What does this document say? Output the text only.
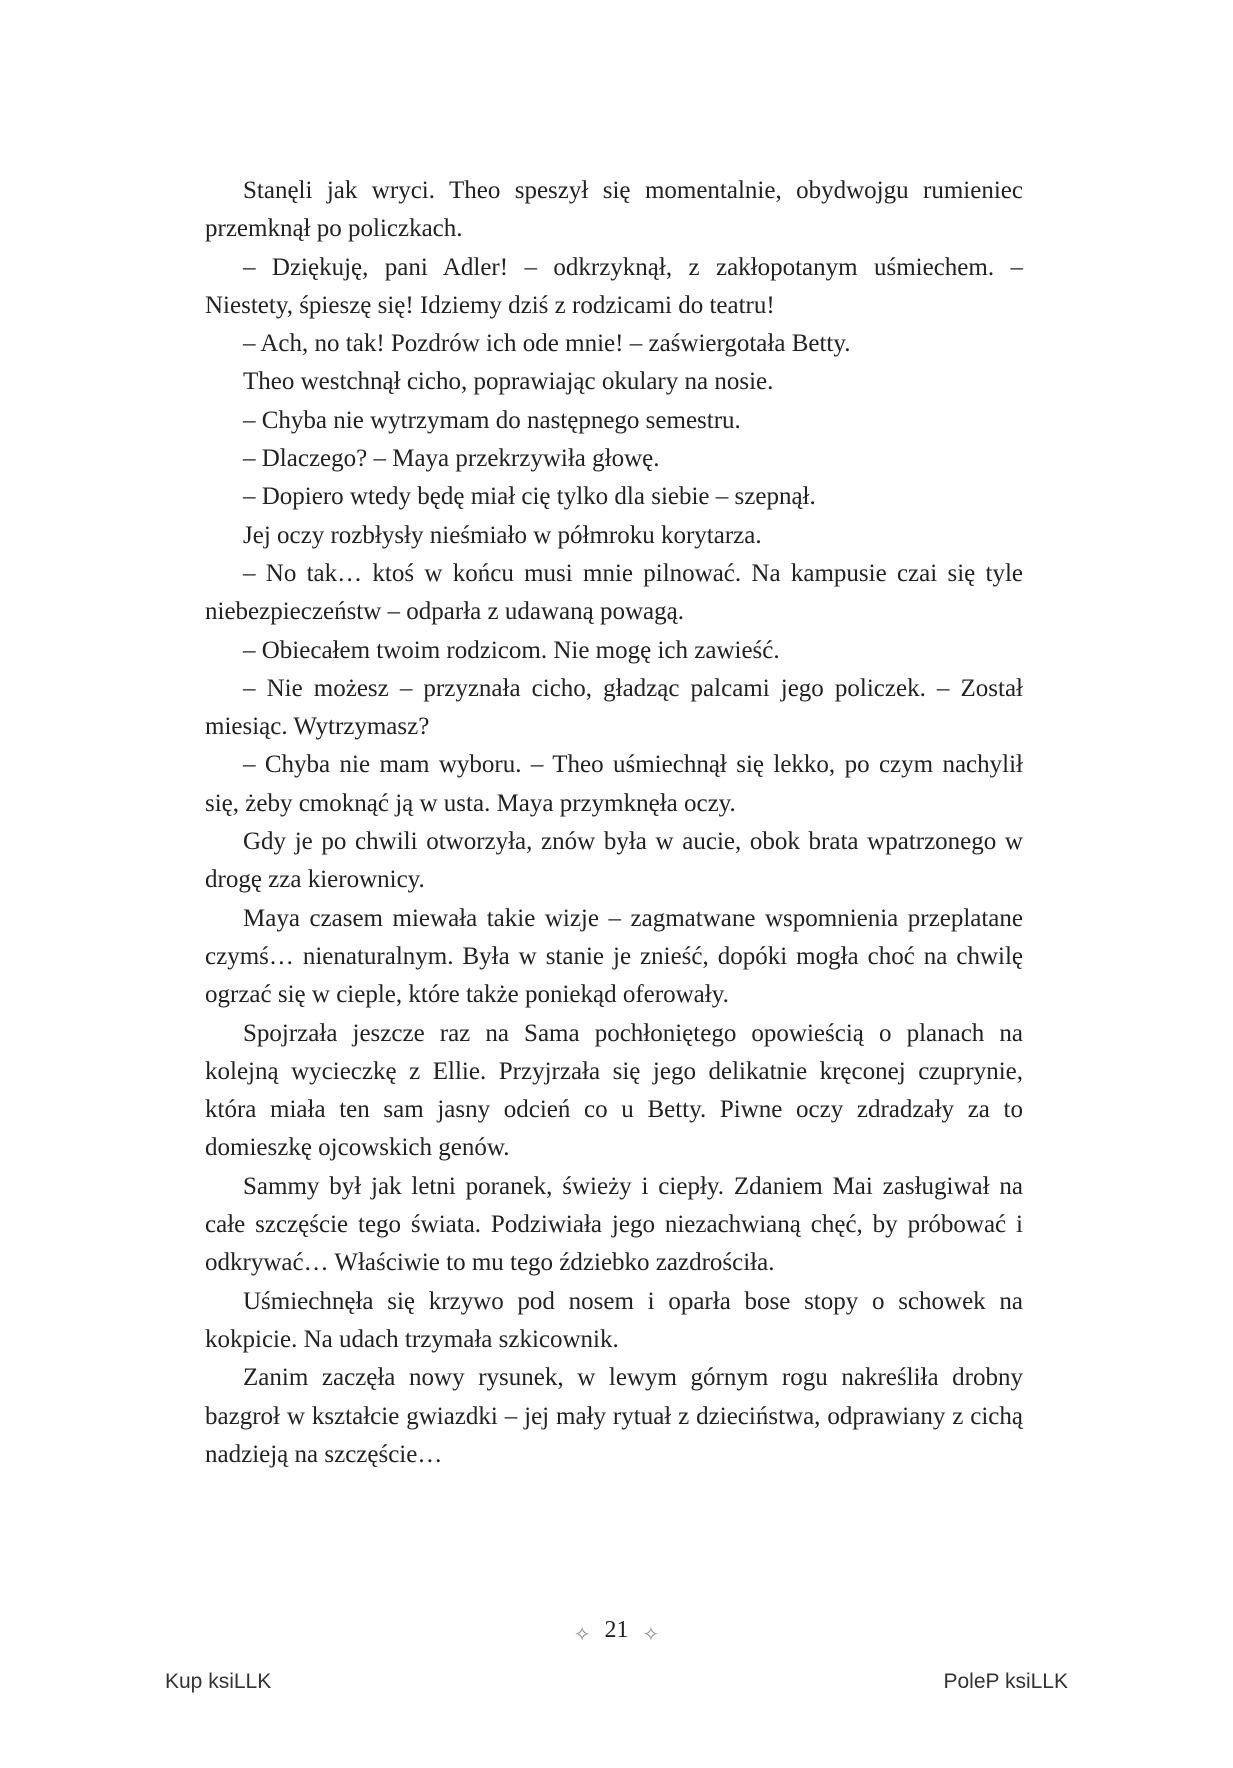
Stanęli jak wryci. Theo speszył się momentalnie, obydwojgu rumieniec przemknął po policzkach.

– Dziękuję, pani Adler! – odkrzyknął, z zakłopotanym uśmiechem. – Niestety, śpieszę się! Idziemy dziś z rodzicami do teatru!

– Ach, no tak! Pozdrów ich ode mnie! – zaświergotała Betty.

Theo westchnął cicho, poprawiając okulary na nosie.

– Chyba nie wytrzymam do następnego semestru.

– Dlaczego? – Maya przekrzywiła głowę.

– Dopiero wtedy będę miał cię tylko dla siebie – szepnął.

Jej oczy rozbłysły nieśmiało w półmroku korytarza.

– No tak… ktoś w końcu musi mnie pilnować. Na kampusie czai się tyle niebezpieczeństw – odparła z udawaną powagą.

– Obiecałem twoim rodzicom. Nie mogę ich zawieść.

– Nie możesz – przyznała cicho, gładząc palcami jego policzek. – Został miesiąc. Wytrzymasz?

– Chyba nie mam wyboru. – Theo uśmiechnął się lekko, po czym nachylił się, żeby cmoknąć ją w usta. Maya przymknęła oczy.

Gdy je po chwili otworzyła, znów była w aucie, obok brata wpatrzonego w drogę zza kierownicy.

Maya czasem miewała takie wizje – zagmatwane wspomnienia przeplatane czymś… nienaturalnym. Była w stanie je znieść, dopóki mogła choć na chwilę ogrzać się w cieple, które także poniekąd oferowały.

Spojrzała jeszcze raz na Sama pochłoniętego opowieścią o planach na kolejną wycieczkę z Ellie. Przyjrzała się jego delikatnie kręconej czuprynie, która miała ten sam jasny odcień co u Betty. Piwne oczy zdradzały za to domieszkę ojcowskich genów.

Sammy był jak letni poranek, świeży i ciepły. Zdaniem Mai zasługiwał na całe szczęście tego świata. Podziwiała jego niezachwianą chęć, by próbować i odkrywać… Właściwie to mu tego ździebko zazdrościła.

Uśmiechnęła się krzywo pod nosem i oparła bose stopy o schowek na kokpicie. Na udach trzymała szkicownik.

Zanim zaczęła nowy rysunek, w lewym górnym rogu nakreśliła drobny bazgroł w kształcie gwiazdki – jej mały rytuał z dzieciństwa, odprawiany z cichą nadzieją na szczęście…

✧ 21 ✧
Kup ksiLLK	PoleP ksiLLK
